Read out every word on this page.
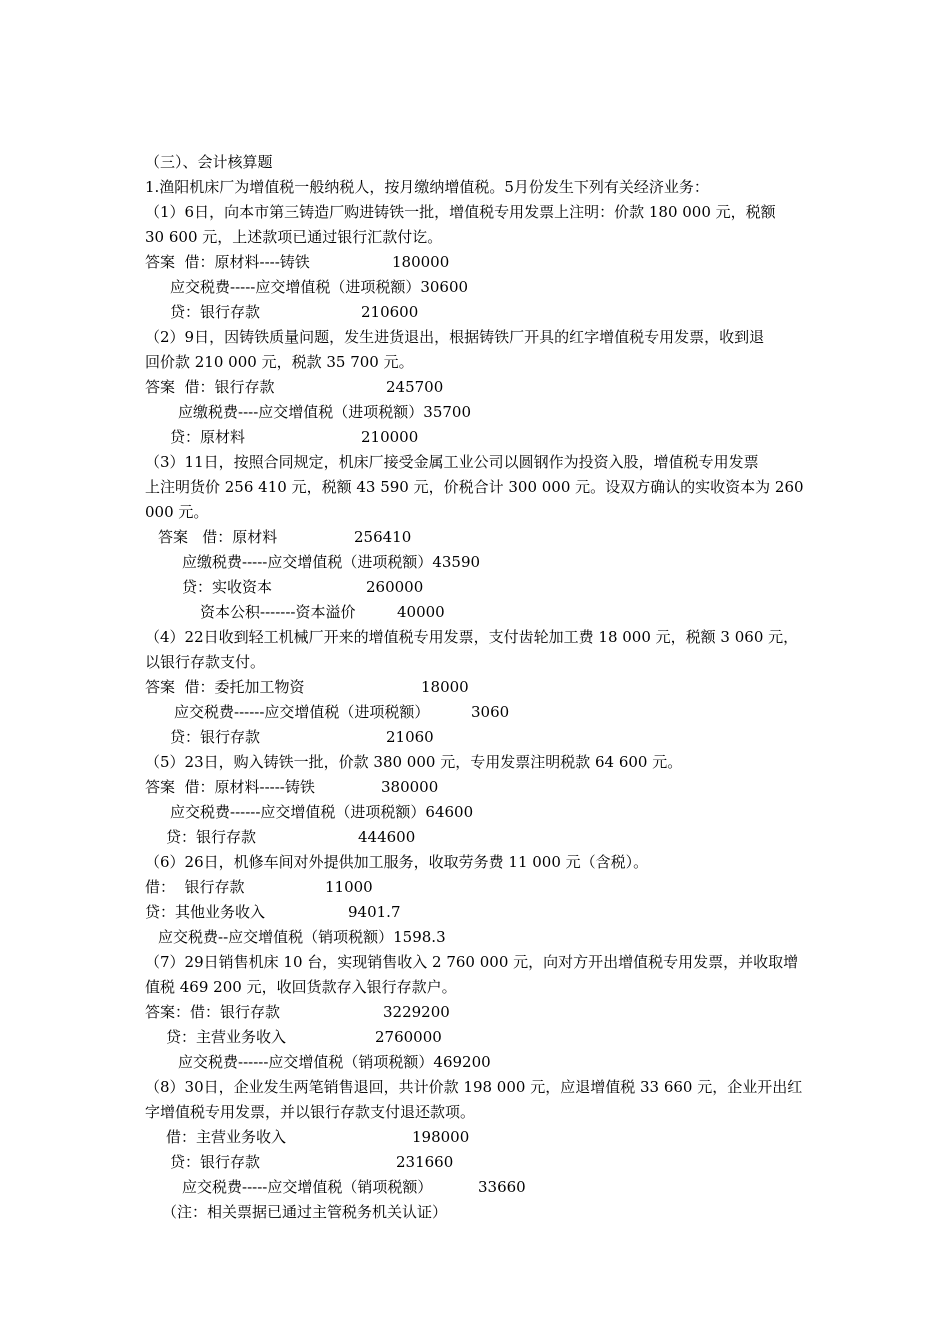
（三）、会计核算题
1.渔阳机床厂为增值税一般纳税人，按月缴纳增值税。5月份发生下列有关经济业务：
（1）6日，向本市第三铸造厂购进铸铁一批，增值税专用发票上注明：价款 180 000 元，税额
30 600 元，上述款项已通过银行汇款付讫。
答案  借：原材料----铸铁	180000
应交税费-----应交增值税（进项税额）30600
贷：银行存款	210600
（2）9日，因铸铁质量问题，发生进货退出，根据铸铁厂开具的红字增值税专用发票，收到退
回价款 210 000 元，税款 35 700 元。
答案  借：银行存款	245700
应缴税费----应交增值税（进项税额）35700
贷：原材料	210000
（3）11日，按照合同规定，机床厂接受金属工业公司以圆钢作为投资入股，增值税专用发票
上注明货价 256 410 元，税额 43 590 元，价税合计 300 000 元。设双方确认的实收资本为 260
000 元。
答案   借：原材料	256410
应缴税费-----应交增值税（进项税额）43590
贷：实收资本	260000
资本公积-------资本溢价	40000
（4）22日收到轻工机械厂开来的增值税专用发票，支付齿轮加工费 18 000 元，税额 3 060 元，
以银行存款支付。
答案  借：委托加工物资	18000
应交税费------应交增值税（进项税额）	3060
贷：银行存款	21060
（5）23日，购入铸铁一批，价款 380 000 元，专用发票注明税款 64 600 元。
答案  借：原材料-----铸铁	380000
应交税费------应交增值税（进项税额）64600
贷：银行存款	444600
（6）26日，机修车间对外提供加工服务，收取劳务费 11 000 元（含税）。
借：  银行存款	11000
贷：其他业务收入	9401.7
应交税费--应交增值税（销项税额）1598.3
（7）29日销售机床 10 台，实现销售收入 2 760 000 元，向对方开出增值税专用发票，并收取增
值税 469 200 元，收回货款存入银行存款户。
答案：借：银行存款	3229200
贷：主营业务收入	2760000
应交税费------应交增值税（销项税额）469200
（8）30日，企业发生两笔销售退回，共计价款 198 000 元，应退增值税 33 660 元，企业开出红
字增值税专用发票，并以银行存款支付退还款项。
借：主营业务收入	198000
贷：银行存款	231660
应交税费-----应交增值税（销项税额）	33660
（注：相关票据已通过主管税务机关认证）
